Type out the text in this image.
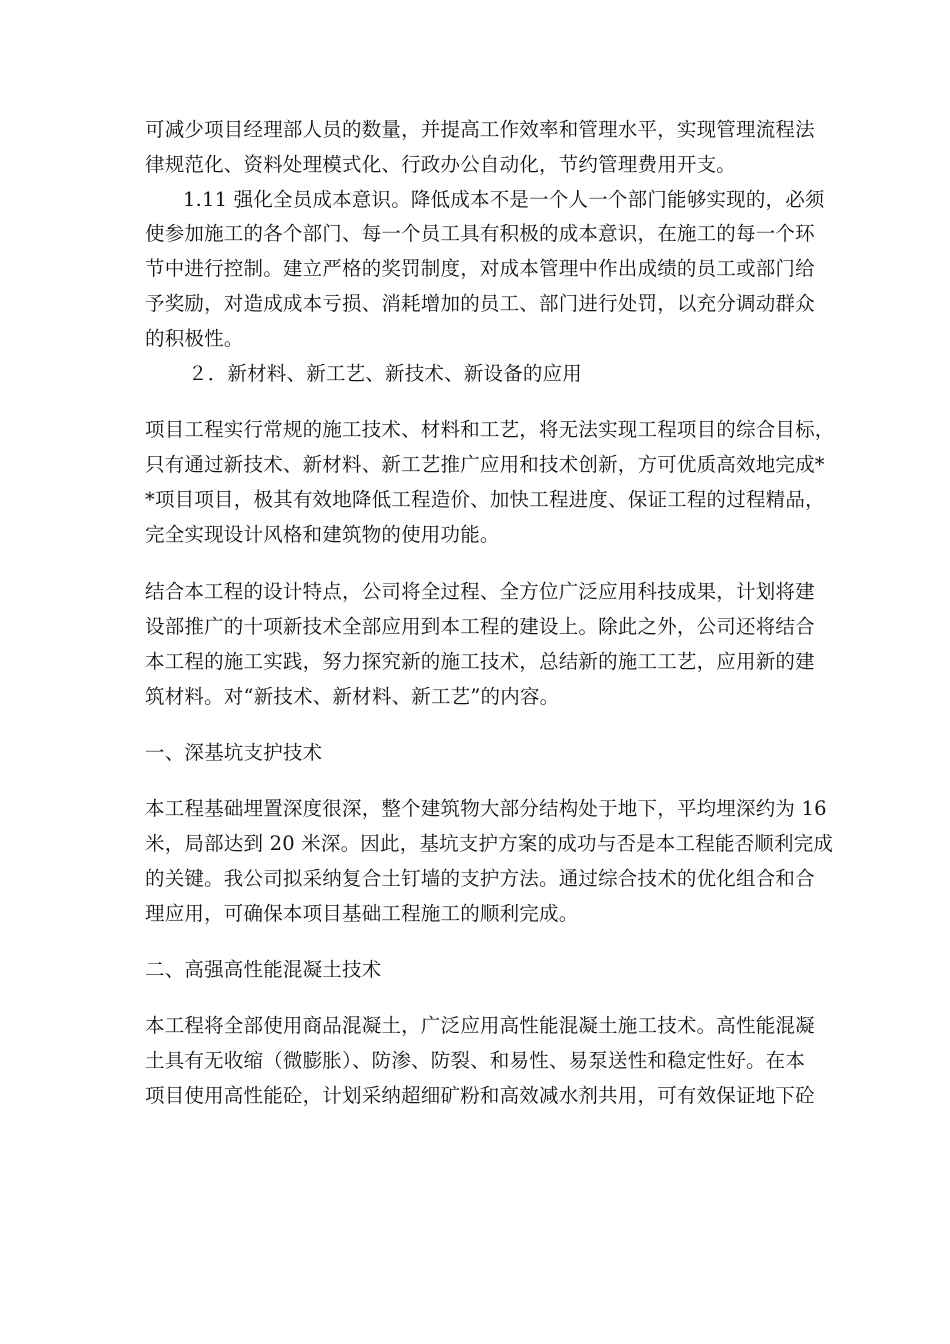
可减少项目经理部人员的数量，并提高工作效率和管理水平，实现管理流程法
律规范化、资料处理模式化、行政办公自动化，节约管理费用开支。
1.11 强化全员成本意识。降低成本不是一个人一个部门能够实现的，必须
使参加施工的各个部门、每一个员工具有积极的成本意识，在施工的每一个环
节中进行控制。建立严格的奖罚制度，对成本管理中作出成绩的员工或部门给
予奖励，对造成成本亏损、消耗增加的员工、部门进行处罚，以充分调动群众
的积极性。
２．新材料、新工艺、新技术、新设备的应用
项目工程实行常规的施工技术、材料和工艺，将无法实现工程项目的综合目标，
只有通过新技术、新材料、新工艺推广应用和技术创新，方可优质高效地完成*
*项目项目，极其有效地降低工程造价、加快工程进度、保证工程的过程精品，
完全实现设计风格和建筑物的使用功能。
结合本工程的设计特点，公司将全过程、全方位广泛应用科技成果，计划将建
设部推广的十项新技术全部应用到本工程的建设上。除此之外，公司还将结合
本工程的施工实践，努力探究新的施工技术，总结新的施工工艺，应用新的建
筑材料。对“新技术、新材料、新工艺”的内容。
一、深基坑支护技术
本工程基础埋置深度很深，整个建筑物大部分结构处于地下，平均埋深约为 16
米，局部达到 20 米深。因此，基坑支护方案的成功与否是本工程能否顺利完成
的关键。我公司拟采纳复合土钉墙的支护方法。通过综合技术的优化组合和合
理应用，可确保本项目基础工程施工的顺利完成。
二、高强高性能混凝土技术
本工程将全部使用商品混凝土，广泛应用高性能混凝土施工技术。高性能混凝
土具有无收缩（微膨胀）、防渗、防裂、和易性、易泵送性和稳定性好。在本
项目使用高性能砼，计划采纳超细矿粉和高效减水剂共用，可有效保证地下砼
